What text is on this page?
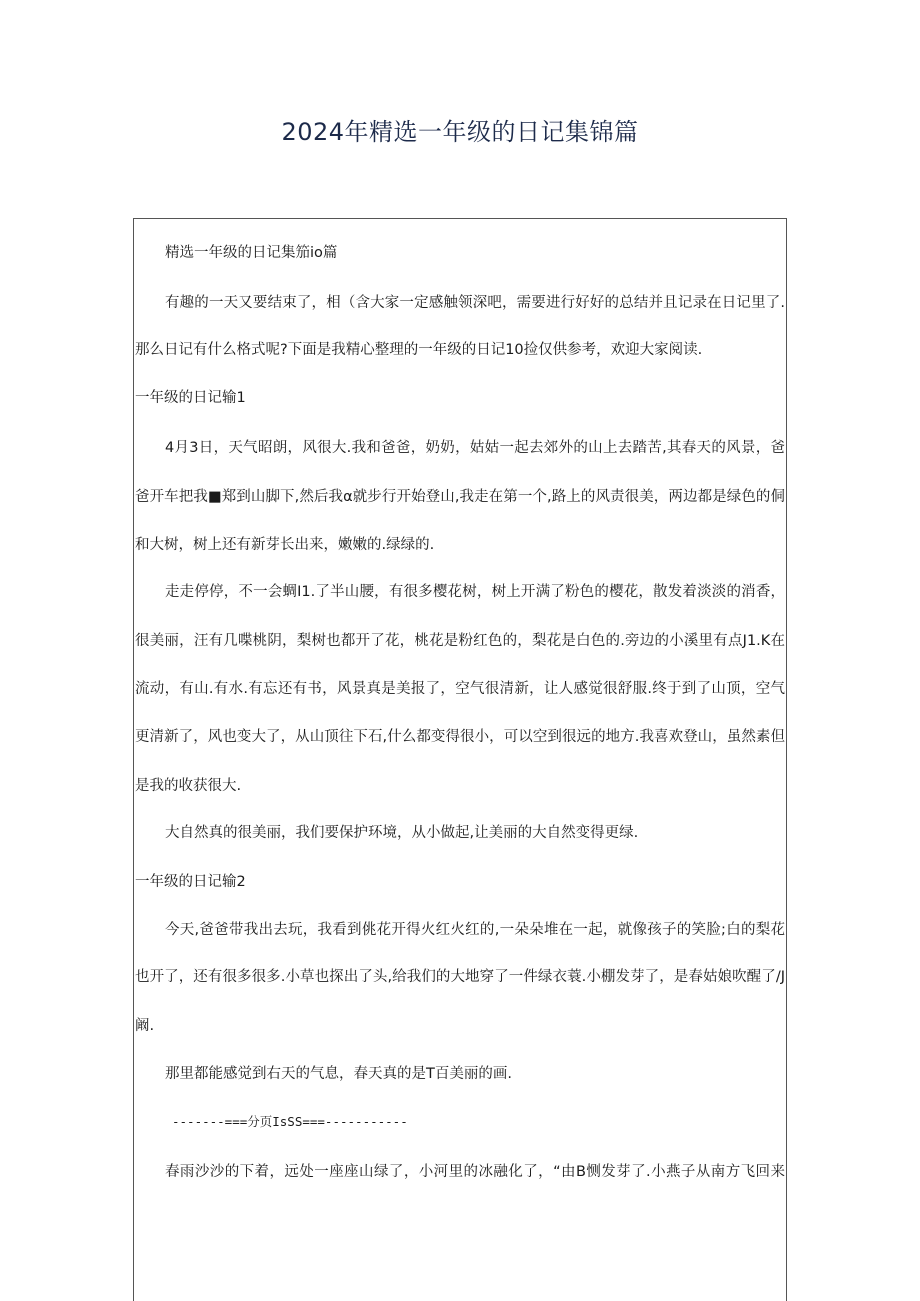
2024年精选一年级的日记集锦篇
精选一年级的日记集笳io篇
有趣的一天又要结束了，相（含大家一定感触领深吧，需要进行好好的总结并且记录在日记里了.
那么日记有什么格式呢?下面是我精心整理的一年级的日记10捡仅供参考，欢迎大家阅读.
一年级的日记输1
4月3日，天气昭朗，风很大.我和爸爸，奶奶，姑姑一起去郊外的山上去踏苦,其春天的风景，爸
爸开车把我■郑到山脚下,然后我α就步行开始登山,我走在第一个,路上的风责很美，两边都是绿色的侗
和大树，树上还有新芽长出来，嫩嫩的.绿绿的.
走走停停，不一会蜩I1.了半山腰，有很多樱花树，树上开满了粉色的樱花，散发着淡淡的消香，
很美丽，汪有几喋桃阴，梨树也都开了花，桃花是粉红色的，梨花是白色的.旁边的小溪里有点J1.K在
流动，有山.有水.有忘还有书，风景真是美报了，空气很清新，让人感觉很舒服.终于到了山顶，空气
更清新了，风也变大了，从山顶往下石,什么都变得很小，可以空到很远的地方.我喜欢登山，虽然素但
是我的收获很大.
大自然真的很美丽，我们要保护环境，从小做起,让美丽的大自然变得更绿.
一年级的日记输2
今天,爸爸带我出去玩，我看到佻花开得火红火红的,一朵朵堆在一起，就像孩子的笑脸;白的梨花
也开了，还有很多很多.小草也探出了头,给我们的大地穿了一件绿衣蓑.小棚发芽了，是春姑娘吹醒了/J
阚.
那里都能感觉到右天的气息，春天真的是T百美丽的画.
-------===分页IsSS===-----------
春雨沙沙的下着，远处一座座山绿了，小河里的冰融化了，“由B恻发芽了.小燕子从南方飞回来
